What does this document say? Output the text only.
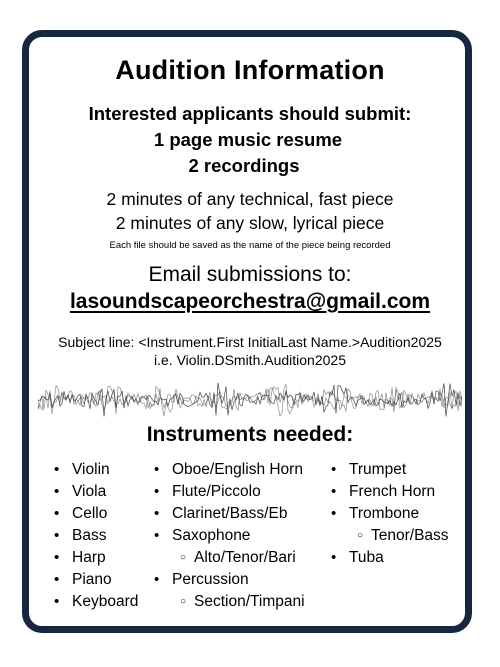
Audition Information
Interested applicants should submit:
1 page music resume
2 recordings
2 minutes of any technical, fast piece
2 minutes of any slow, lyrical piece
Each file should be saved as the name of the piece being recorded
Email submissions to:
lasoundscapeorchestra@gmail.com
Subject line: <Instrument.First InitialLast Name.>Audition2025
i.e. Violin.DSmith.Audition2025
Instruments needed:
• Violin
• Viola
• Cello
• Bass
• Harp
• Piano
• Keyboard
• Oboe/English Horn
• Flute/Piccolo
• Clarinet/Bass/Eb
• Saxophone
○ Alto/Tenor/Bari
• Percussion
○ Section/Timpani
• Trumpet
• French Horn
• Trombone
○ Tenor/Bass
• Tuba
